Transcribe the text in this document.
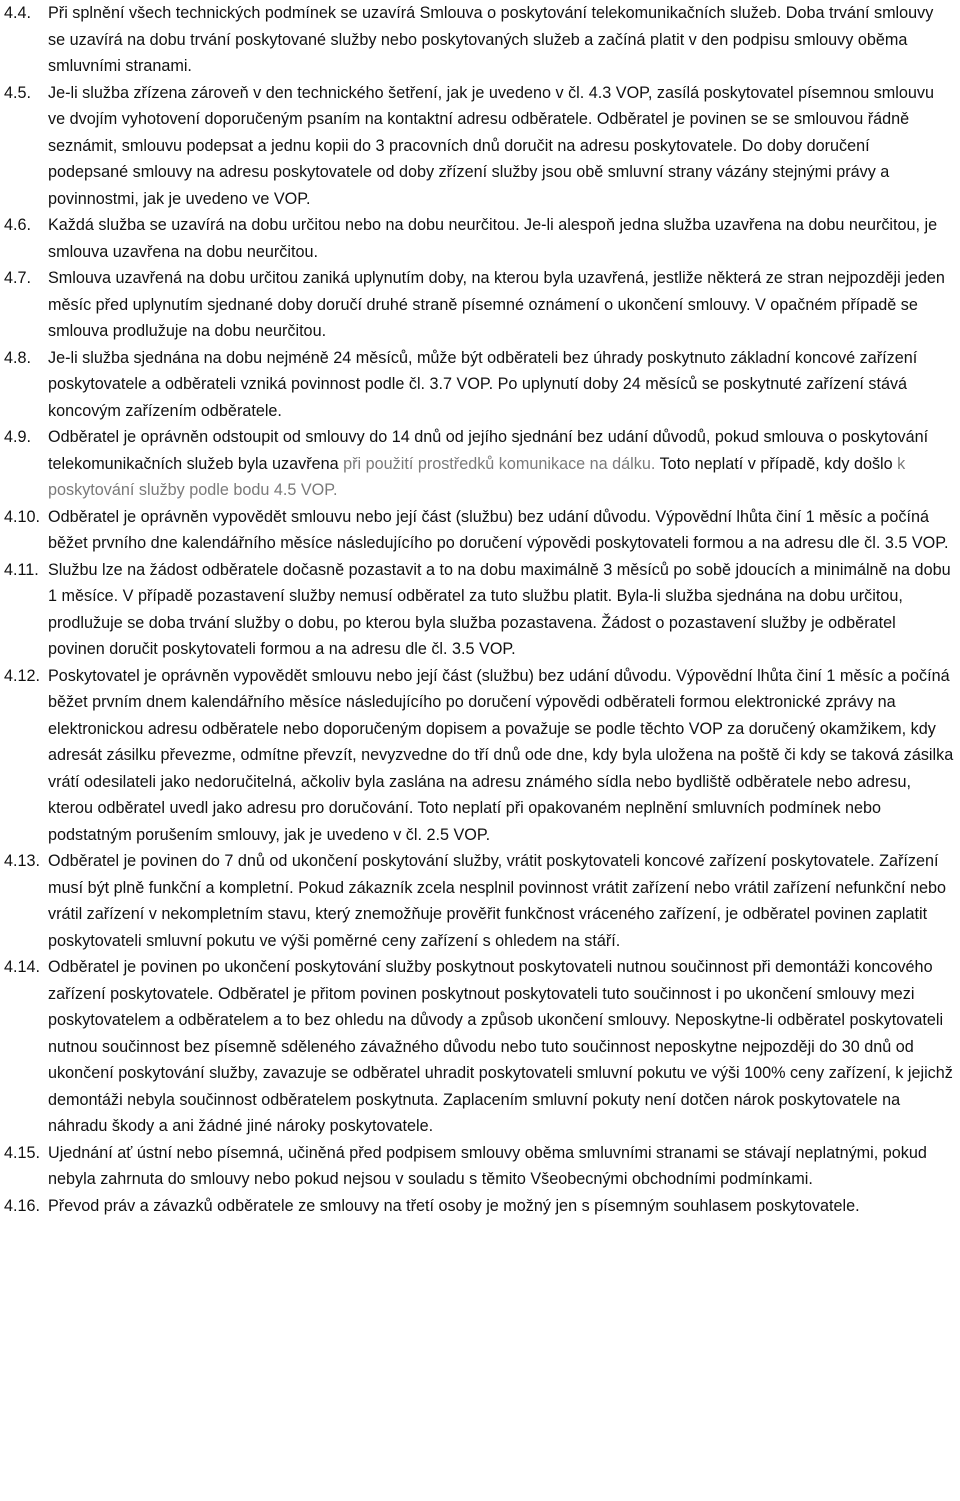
4.4.	Při splnění všech technických podmínek se uzavírá Smlouva o poskytování telekomunikačních služeb. Doba trvání smlouvy se uzavírá na dobu trvání poskytované služby nebo poskytovaných služeb a začíná platit v den podpisu smlouvy oběma smluvními stranami.
4.5.	Je-li služba zřízena zároveň v den technického šetření, jak je uvedeno v čl. 4.3 VOP, zasílá poskytovatel písemnou smlouvu ve dvojím vyhotovení doporučeným psaním na kontaktní adresu odběratele. Odběratel je povinen se se smlouvou řádně seznámit, smlouvu podepsat a jednu kopii do 3 pracovních dnů doručit na adresu poskytovatele. Do doby doručení podepsané smlouvy na adresu poskytovatele od doby zřízení služby jsou obě smluvní strany vázány stejnými právy a povinnostmi, jak je uvedeno ve VOP.
4.6.	Každá služba se uzavírá na dobu určitou nebo na dobu neurčitou. Je-li alespoň jedna služba uzavřena na dobu neurčitou, je smlouva uzavřena na dobu neurčitou.
4.7.	Smlouva uzavřená na dobu určitou zaniká uplynutím doby, na kterou byla uzavřená, jestliže některá ze stran nejpozději jeden měsíc před uplynutím sjednané doby doručí druhé straně písemné oznámení o ukončení smlouvy. V opačném případě se smlouva prodlužuje na dobu neurčitou.
4.8.	Je-li služba sjednána na dobu nejméně 24 měsíců, může být odběrateli bez úhrady poskytnuto základní koncové zařízení poskytovatele a odběrateli vzniká povinnost podle čl. 3.7 VOP. Po uplynutí doby 24 měsíců se poskytnuté zařízení stává koncovým zařízením odběratele.
4.9.	Odběratel je oprávněn odstoupit od smlouvy do 14 dnů od jejího sjednání bez udání důvodů, pokud smlouva o poskytování telekomunikačních služeb byla uzavřena při použití prostředků komunikace na dálku. Toto neplatí v případě, kdy došlo k poskytování služby podle bodu 4.5 VOP.
4.10. Odběratel je oprávněn vypovědět smlouvu nebo její část (službu) bez udání důvodu. Výpovědní lhůta činí 1 měsíc a počíná běžet prvního dne kalendářního měsíce následujícího po doručení výpovědi poskytovateli formou a na adresu dle čl. 3.5 VOP.
4.11. Službu lze na žádost odběratele dočasně pozastavit a to na dobu maximálně 3 měsíců po sobě jdoucích a minimálně na dobu 1 měsíce. V případě pozastavení služby nemusí odběratel za tuto službu platit. Byla-li služba sjednána na dobu určitou, prodlužuje se doba trvání služby o dobu, po kterou byla služba pozastavena. Žádost o pozastavení služby je odběratel povinen doručit poskytovateli formou a na adresu dle čl. 3.5 VOP.
4.12. Poskytovatel je oprávněn vypovědět smlouvu nebo její část (službu) bez udání důvodu. Výpovědní lhůta činí 1 měsíc a počíná běžet prvním dnem kalendářního měsíce následujícího po doručení výpovědi odběrateli formou elektronické zprávy na elektronickou adresu odběratele nebo doporučeným dopisem a považuje se podle těchto VOP za doručený okamžikem, kdy adresát zásilku převezme, odmítne převzít, nevyzvedne do tří dnů ode dne, kdy byla uložena na poště či kdy se taková zásilka vrátí odesilateli jako nedoručitelná, ačkoliv byla zaslána na adresu známého sídla nebo bydliště odběratele nebo adresu, kterou odběratel uvedl jako adresu pro doručování. Toto neplatí při opakovaném neplnění smluvních podmínek nebo podstatným porušením smlouvy, jak je uvedeno v čl. 2.5 VOP.
4.13. Odběratel je povinen do 7 dnů od ukončení poskytování služby, vrátit poskytovateli koncové zařízení poskytovatele. Zařízení musí být plně funkční a kompletní. Pokud zákazník zcela nesplnil povinnost vrátit zařízení nebo vrátil zařízení nefunkční nebo vrátil zařízení v nekompletním stavu, který znemožňuje prověřit funkčnost vráceného zařízení, je odběratel povinen zaplatit poskytovateli smluvní pokutu ve výši poměrné ceny zařízení s ohledem na stáří.
4.14. Odběratel je povinen po ukončení poskytování služby poskytnout poskytovateli nutnou součinnost při demontáži koncového zařízení poskytovatele. Odběratel je přitom povinen poskytnout poskytovateli tuto součinnost i po ukončení smlouvy mezi poskytovatelem a odběratelem a to bez ohledu na důvody a způsob ukončení smlouvy. Neposkytne-li odběratel poskytovateli nutnou součinnost bez písemně sděleného závažného důvodu nebo tuto součinnost neposkytne nejpozději do 30 dnů od ukončení poskytování služby, zavazuje se odběratel uhradit poskytovateli smluvní pokutu ve výši 100% ceny zařízení, k jejichž demontáži nebyla součinnost odběratelem poskytnuta. Zaplacením smluvní pokuty není dotčen nárok poskytovatele na náhradu škody a ani žádné jiné nároky poskytovatele.
4.15. Ujednání ať ústní nebo písemná, učiněná před podpisem smlouvy oběma smluvními stranami se stávají neplatnými, pokud nebyla zahrnuta do smlouvy nebo pokud nejsou v souladu s těmito Všeobecnými obchodními podmínkami.
4.16. Převod práv a závazků odběratele ze smlouvy na třetí osoby je možný jen s písemným souhlasem poskytovatele.
